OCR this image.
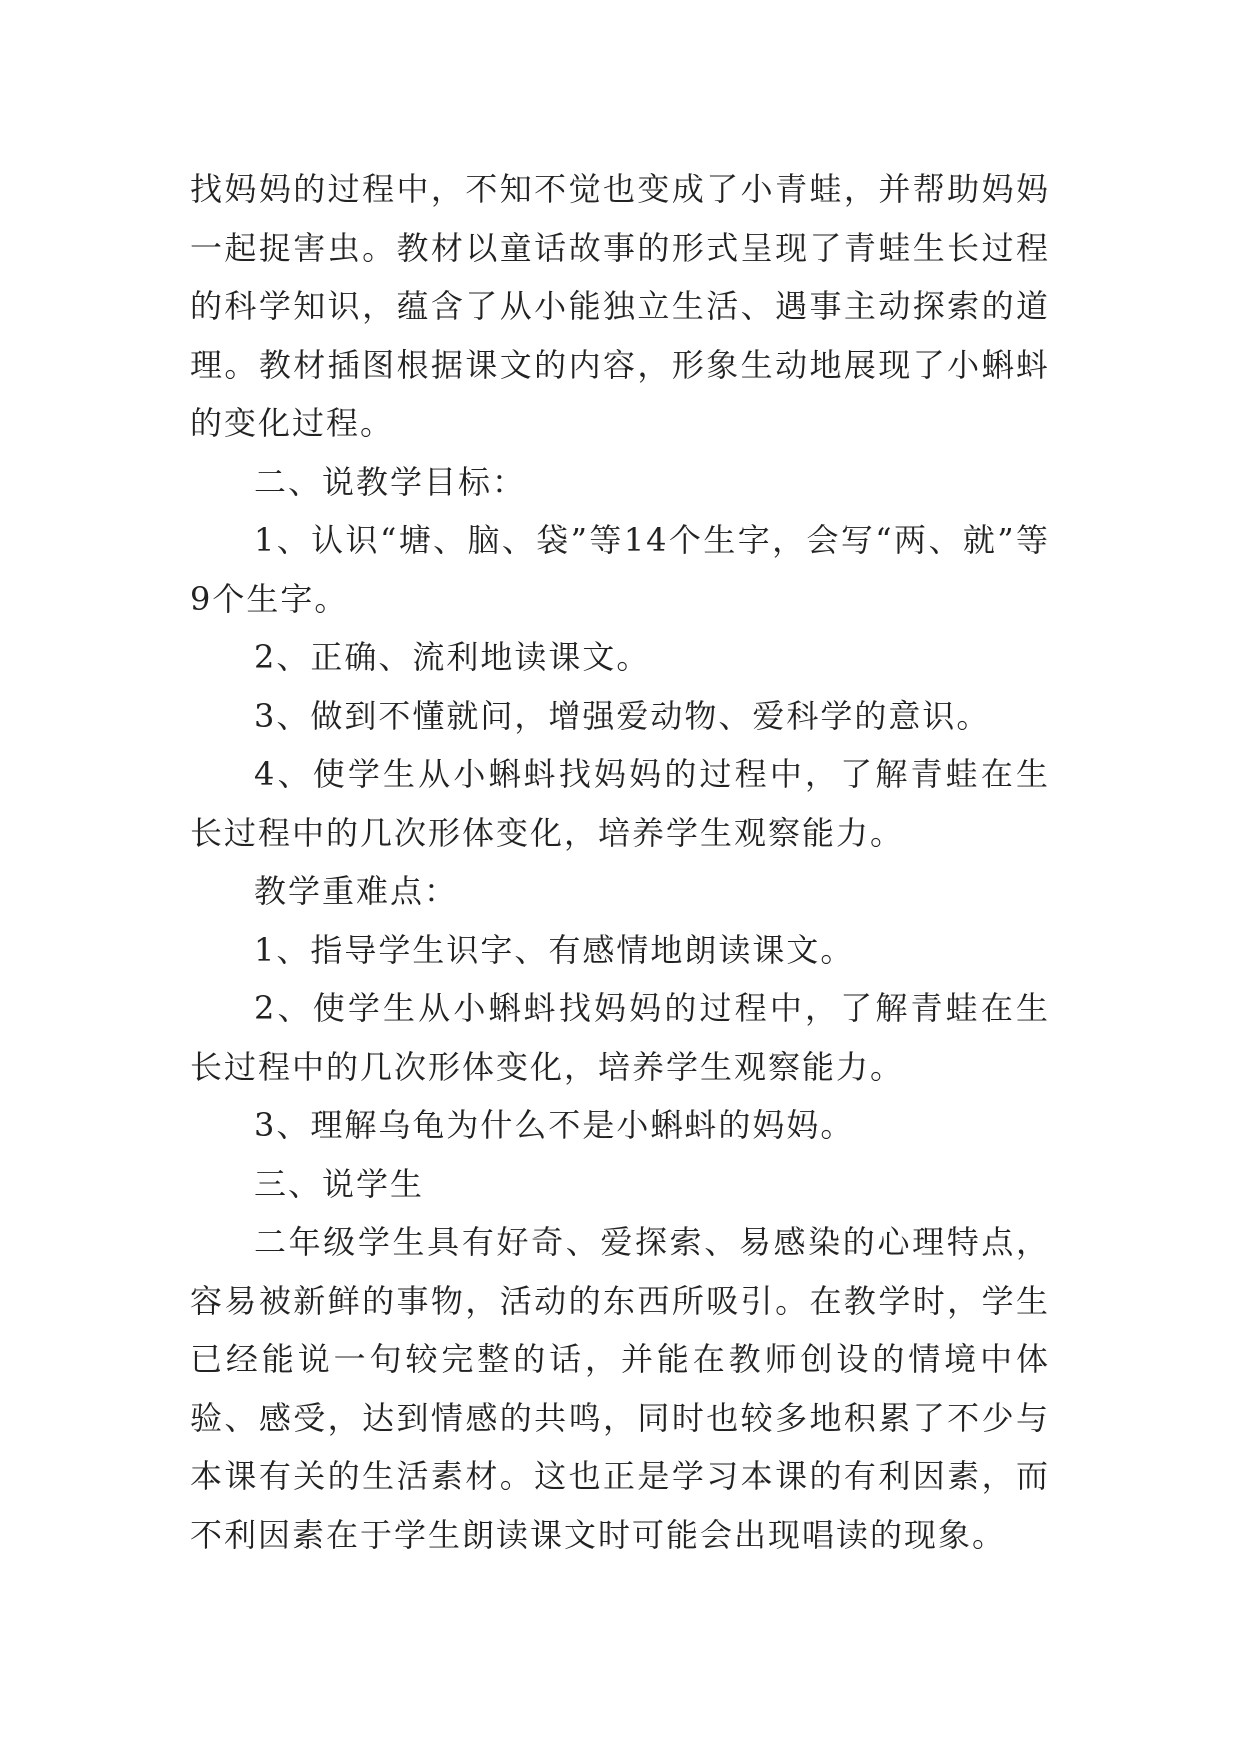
找妈妈的过程中，不知不觉也变成了小青蛙，并帮助妈妈一起捉害虫。教材以童话故事的形式呈现了青蛙生长过程的科学知识，蕴含了从小能独立生活、遇事主动探索的道理。教材插图根据课文的内容，形象生动地展现了小蝌蚪的变化过程。

二、说教学目标：

1、认识“塘、脑、袋”等14个生字，会写“两、就”等9个生字。

2、正确、流利地读课文。

3、做到不懂就问，增强爱动物、爱科学的意识。

4、使学生从小蝌蚪找妈妈的过程中，了解青蛙在生长过程中的几次形体变化，培养学生观察能力。

教学重难点：

1、指导学生识字、有感情地朗读课文。

2、使学生从小蝌蚪找妈妈的过程中，了解青蛙在生长过程中的几次形体变化，培养学生观察能力。

3、理解乌龟为什么不是小蝌蚪的妈妈。

三、说学生

二年级学生具有好奇、爱探索、易感染的心理特点，容易被新鲜的事物，活动的东西所吸引。在教学时，学生已经能说一句较完整的话，并能在教师创设的情境中体验、感受，达到情感的共鸣，同时也较多地积累了不少与本课有关的生活素材。这也正是学习本课的有利因素，而不利因素在于学生朗读课文时可能会出现唱读的现象。
